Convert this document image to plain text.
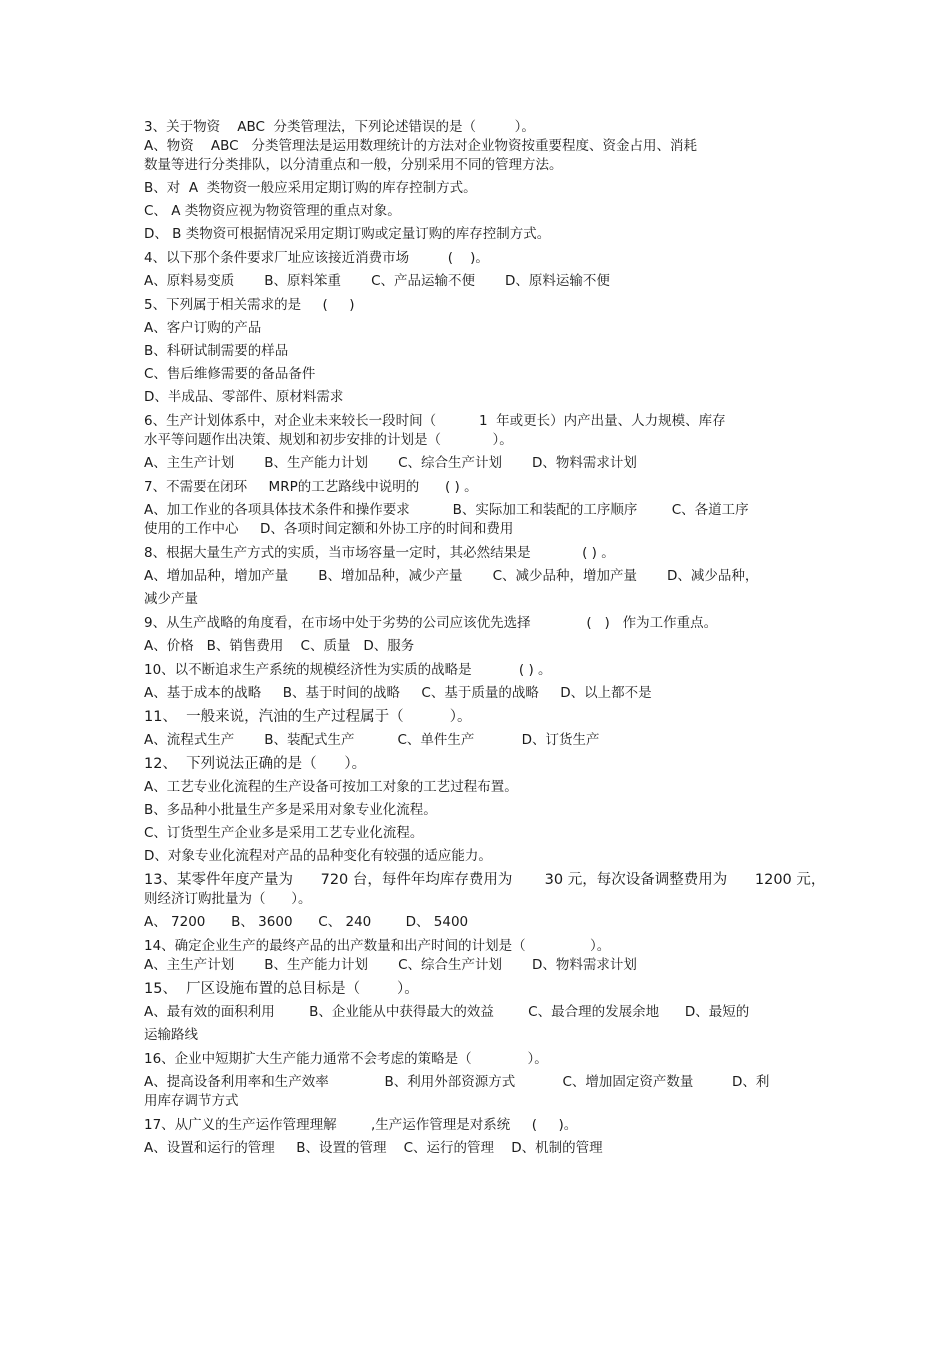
3、关于物资    ABC  分类管理法，下列论述错误的是（         ）。
A、物资    ABC   分类管理法是运用数理统计的方法对企业物资按重要程度、资金占用、消耗
数量等进行分类排队，以分清重点和一般，分别采用不同的管理方法。
B、对  A  类物资一般应采用定期订购的库存控制方式。
C、 A 类物资应视为物资管理的重点对象。
D、 B 类物资可根据情况采用定期订购或定量订购的库存控制方式。
4、以下那个条件要求厂址应该接近消费市场         (    )。
A、原料易变质       B、原料笨重       C、产品运输不便       D、原料运输不便
5、下列属于相关需求的是     (     )
A、客户订购的产品
B、科研试制需要的样品
C、售后维修需要的备品备件
D、半成品、零部件、原材料需求
6、生产计划体系中，对企业未来较长一段时间（          1  年或更长）内产出量、人力规模、库存
水平等问题作出决策、规划和初步安排的计划是（            ）。
A、主生产计划       B、生产能力计划       C、综合生产计划       D、物料需求计划
7、不需要在闭环     MRP的工艺路线中说明的      ( ) 。
A、加工作业的各项具体技术条件和操作要求          B、实际加工和装配的工序顺序        C、各道工序
使用的工作中心     D、各项时间定额和外协工序的时间和费用
8、根据大量生产方式的实质，当市场容量一定时，其必然结果是            ( ) 。
A、增加品种，增加产量       B、增加品种，减少产量       C、减少品种，增加产量       D、减少品种，
减少产量
9、从生产战略的角度看，在市场中处于劣势的公司应该优先选择             (   )   作为工作重点。
A、价格   B、销售费用    C、质量   D、服务
10、以不断追求生产系统的规模经济性为实质的战略是           ( ) 。
A、基于成本的战略     B、基于时间的战略     C、基于质量的战略     D、以上都不是
11、  一般来说，汽油的生产过程属于（          ）。
A、流程式生产       B、装配式生产          C、单件生产           D、订货生产
12、  下列说法正确的是（      ）。
A、工艺专业化流程的生产设备可按加工对象的工艺过程布置。
B、多品种小批量生产多是采用对象专业化流程。
C、订货型生产企业多是采用工艺专业化流程。
D、对象专业化流程对产品的品种变化有较强的适应能力。
13、某零件年度产量为      720 台，每件年均库存费用为       30 元，每次设备调整费用为      1200 元，
则经济订购批量为（      ）。
A、 7200      B、 3600      C、 240        D、 5400
14、确定企业生产的最终产品的出产数量和出产时间的计划是（               ）。
A、主生产计划       B、生产能力计划       C、综合生产计划       D、物料需求计划
15、  厂区设施布置的总目标是（        ）。
A、最有效的面积利用        B、企业能从中获得最大的效益        C、最合理的发展余地      D、最短的
运输路线
16、企业中短期扩大生产能力通常不会考虑的策略是（             ）。
A、提高设备利用率和生产效率             B、利用外部资源方式           C、增加固定资产数量         D、利
用库存调节方式
17、从广义的生产运作管理理解        ,生产运作管理是对系统     (     )。
A、设置和运行的管理     B、设置的管理    C、运行的管理    D、机制的管理
